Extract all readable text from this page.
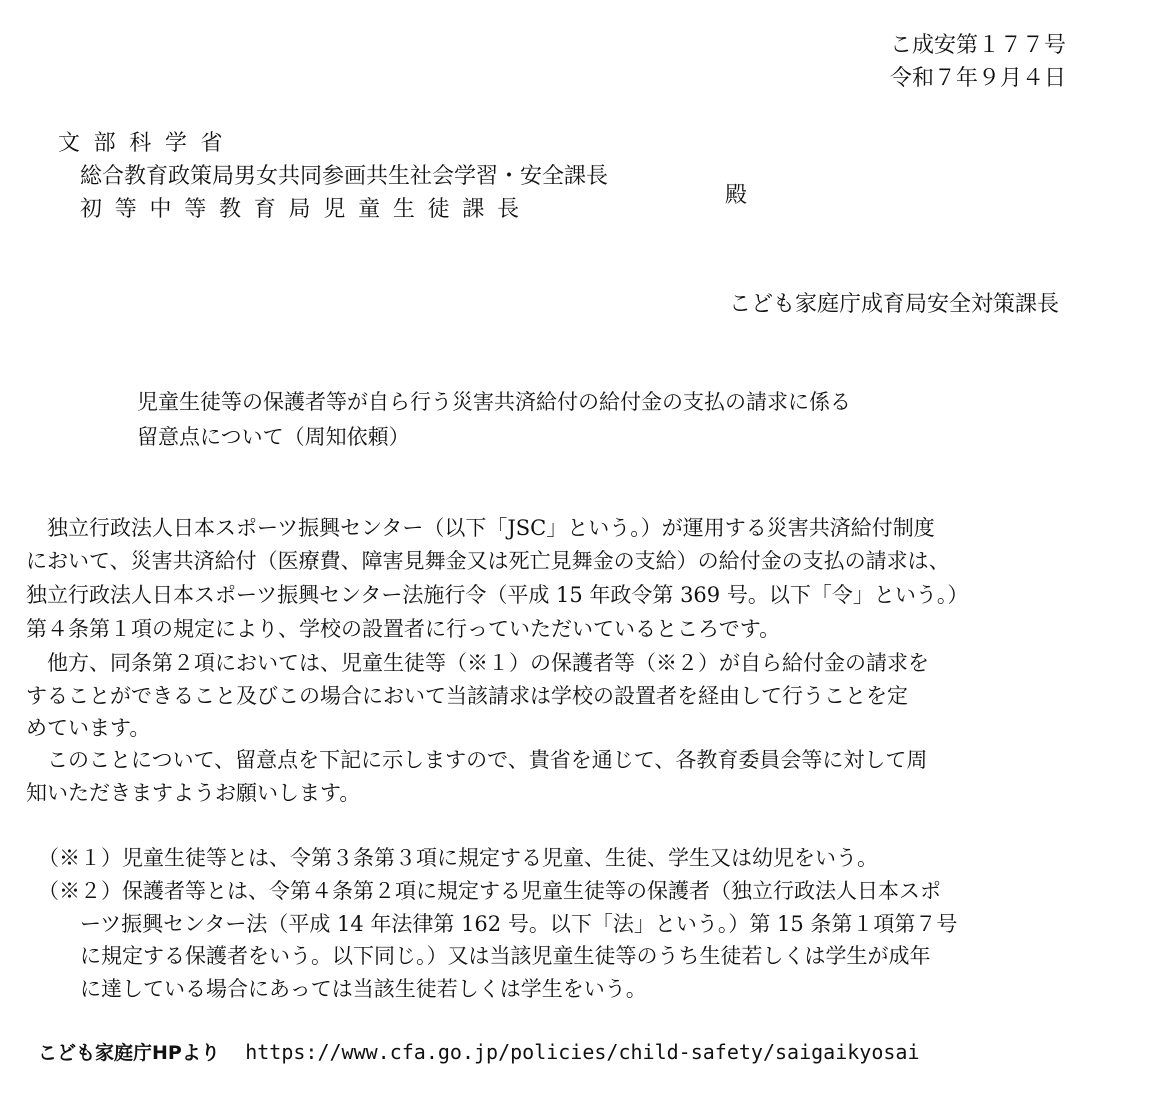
こ成安第１７７号
令和７年９月４日
文部科学省
総合教育政策局男女共同参画共生社会学習・安全課長
初等中等教育局児童生徒課長
殿
こども家庭庁成育局安全対策課長
児童生徒等の保護者等が自ら行う災害共済給付の給付金の支払の請求に係る
留意点について（周知依頼）
　独立行政法人日本スポーツ振興センター（以下「JSC」という。）が運用する災害共済給付制度
において、災害共済給付（医療費、障害見舞金又は死亡見舞金の支給）の給付金の支払の請求は、
独立行政法人日本スポーツ振興センター法施行令（平成 15 年政令第 369 号。以下「令」という。）
第４条第１項の規定により、学校の設置者に行っていただいているところです。
　他方、同条第２項においては、児童生徒等（※１）の保護者等（※２）が自ら給付金の請求を
することができること及びこの場合において当該請求は学校の設置者を経由して行うことを定
めています。
　このことについて、留意点を下記に示しますので、貴省を通じて、各教育委員会等に対して周
知いただきますようお願いします。
（※１）児童生徒等とは、令第３条第３項に規定する児童、生徒、学生又は幼児をいう。
（※２）保護者等とは、令第４条第２項に規定する児童生徒等の保護者（独立行政法人日本スポ
ーツ振興センター法（平成 14 年法律第 162 号。以下「法」という。）第 15 条第１項第７号
に規定する保護者をいう。以下同じ。）又は当該児童生徒等のうち生徒若しくは学生が成年
に達している場合にあっては当該生徒若しくは学生をいう。
こども家庭庁HPより https://www.cfa.go.jp/policies/child-safety/saigaikyosai
